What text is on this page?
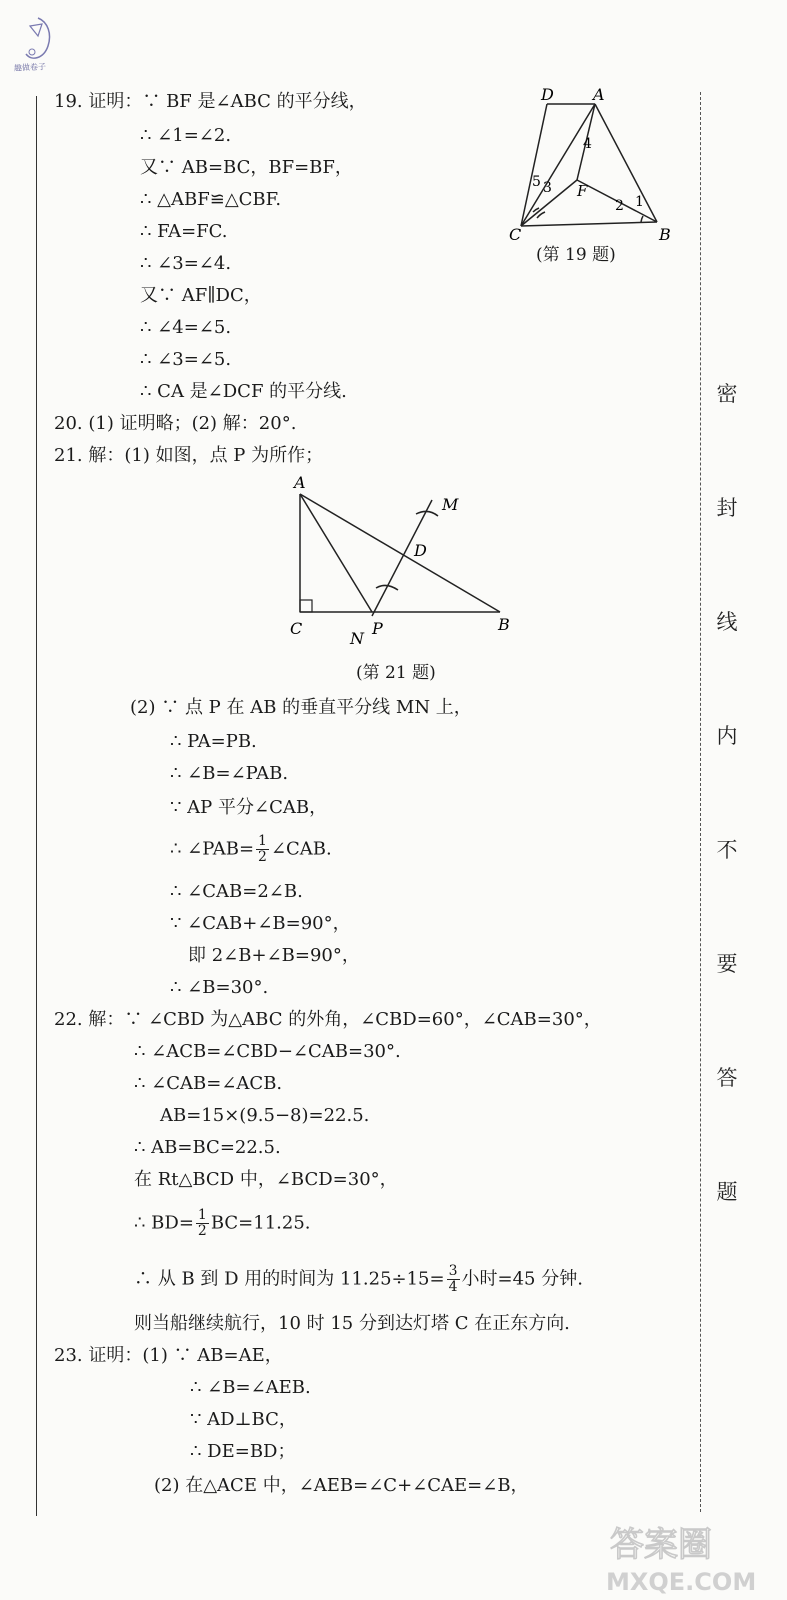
趣做卷子
密
封
线
内
不
要
答
题
D A
C	B
F
1
2
3
4
5
(第 19 题)
A
C
N
P	B
D
M
(第 21 题)
19. 证明：∵ BF 是∠ABC 的平分线，
∴ ∠1=∠2.
又∵ AB=BC，BF=BF，
∴ △ABF≌△CBF.
∴ FA=FC.
∴ ∠3=∠4.
又∵ AF∥DC，
∴ ∠4=∠5.
∴ ∠3=∠5.
∴ CA 是∠DCF 的平分线.
20. (1) 证明略；(2) 解：20°.
21. 解：(1) 如图，点 P 为所作；
(2) ∵ 点 P 在 AB 的垂直平分线 MN 上，
∴ PA=PB.
∴ ∠B=∠PAB.
∵ AP 平分∠CAB，
∴ ∠PAB= $\frac{1}{2}$ ∠CAB.
∴ ∠CAB=2∠B.
∵ ∠CAB+∠B=90°，
即 2∠B+∠B=90°，
∴ ∠B=30°.
22. 解：∵ ∠CBD 为△ABC 的外角，∠CBD=60°，∠CAB=30°，
∴ ∠ACB=∠CBD−∠CAB=30°.
∴ ∠CAB=∠ACB.
AB=15×(9.5−8)=22.5.
∴ AB=BC=22.5.
在 Rt△BCD 中，∠BCD=30°，
∴ $BD= \frac{1}{2} BC=11.25$.
∴ 从 B 到 D 用的时间为 $11.25\div 15= \frac{3}{4}$ 小时=45 分钟.
则当船继续航行，10 时 15 分到达灯塔 C 在正东方向.
23. 证明：(1) ∵ AB=AE，
∴ ∠B=∠AEB.
∵ AD⊥BC，
∴ DE=BD；
(2) 在△ACE 中，∠AEB=∠C+∠CAE=∠B，
答案圈
MXQE.COM
